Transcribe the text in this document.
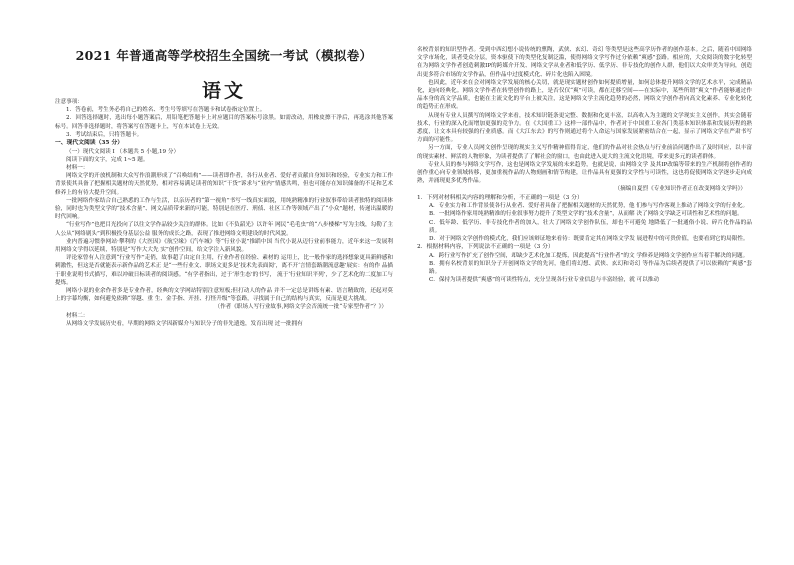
2021 年普通高等学校招生全国统一考试（模拟卷）
语文

注意事项：

1．答卷前，考生务必将自己的姓名、考生号等填写在答题卡和试卷指定位置上。

2．回答选择题时，选出每小题答案后，用铅笔把答题卡上对应题目的答案标号涂黑。如需改动，用橡皮擦干净后，再选涂其他答案标号。回答非选择题时，将答案写在答题卡上，写在本试卷上无效。

3．考试结束后，只将答题卡。

一、现代文阅读（35 分）

（一）现代文阅读 I （本题共 5 小题,19 分）

阅读下面的文字，完成 1~5 题。

材料一：

网络文学的开放机制和大众写作浪潮形成了“召唤结构”——读者即作者，各行从业者、爱好者贡献自身知识和经验，专业实力和工作背景使其具备了把握相关题材的天然优势，相对容易满足读者的知识“干货”诉求与“业内”情感共鸣，但也可能存在知识储备的不足和艺术修养上的有待大提升空间。

一批网络作家结合自己熟悉的工作与生活，以亲历者的“第一视角”书写一线真实面貌，用纯熟精准的行业叙事带给读者独特的阅读体验，同时也为类型文学的“技术含量”、网文品质带来新的可能，特别是在医疗、刑侦、社区工作等领域产出了“小众”题材，传递出温暖的时代回响。

“行业写作”也把目光投向了以往文学作品较少关注的群体。比如《不负韶光》以许年 网民“毛毛虫”的“八步楼梯”写为主线，勾勒了主人公从“网络剧头”到积极投身基层公益 服务的成长之路，表现了推进网络文明建设的时代风貌。

业内普遍习惯拳网站·攀利的《大医因》《航空缘》《汽车城》等“行业小说”推蹈中国 当代小说从迈行业前事能力，近年来这一发展利用网络文学得以延续，特别是“写作大大先 实”创作空间，给文学注入新风貌。

评论家曾有人注意到“行业写作”走俏，故事超了由定自主用，行业作者在经验、素材的 运用上，比一般作家的选择想象更具新鲜感和刺激性，但这是否就能表示新作品的艺术正 是“一些行业文、职场文更多是‘技术先表面阅’，离不开‘言情套路潮流意趣’展实：有的作 品描于职业说明书式描写，难以冲破日标读者的阅读感。“有学者指出，过于‘形生态’的书写， 流于‘行业知识平列’，少了艺术化的二度加工与提炼。

网络小说的业余作者多是专业作者，经典的文学网站特别注意短板;但打动人的作品 并不一定总是讲练有素、语言精致的，还起对莫上的字幕均衡，如何避免依赖“穿越、重 生、金手指、开挂、打怪升级”等套路，寻找属于自己的结构与真实，反而是更大挑战。

（作者《职场人写行业故事,网络文学会否流统一批“专家型作者”？》）

材料二：

从网络文学发展历史看，早期的网络文学因新媒介与知识分子的非先遗逸，发育出现 过一批拥有

名校背景的知识型作者。受到中西幻想小说传统的熏陶，武侠、玄幻、奇幻 等类型是这些高学历作者的创作基本。之后，随着中国网络文学市场化，读者受众分层，资本驱使下的类型化复制泛滥，使得网络文学写作过分依赖“爽感”套路。相应的，大众阅读的数字化转型在为网络文学作者创造刺激IP的跨媒介开发、网络文学从业者和低学历、低学历、非专技化的创作人群，他们以大众审美为导向，创造出更多符合市场的文学作品，但作品中过度模式化、碎片化也陷入困境。

也因此，近年来在会对网络文学发展的核心关切，就是现实题材创作如何提质增量，如何总体提升网络文学的艺术水平，完成精品化，迫向经典化。网络文学作者在转型创作的路上，是否仅仅“爽”可读，都在迁移空间——在实际中，某些所谓“爽文”作者能够通过作品本身的高文学品质，也能在主流文化的平台上被关注，这是网络文学主流化趋势的必然，网络文学创作者向高文化素养、专业化转化的趋势正在形成。

从现有专业人员撰写的网络文学来看，技术知识链条更完整、数据和化更丰富，以高收入为主题的文学现实主义创作，其实会随着技术，行业的深入化而增加更强的竞争力。在《大国重工》这样一部作品中，作者对于中国重工业各门类基本知识体系和发展历程的熟悉度，让文本具有较强的行业质感。而《大江东去》的写作则通过将个人命运与国家发展紧密结合在一起，显示了网络文学在严肃书写方面的可能性。

另一方面，专业人员网文创作呈现的现实主义写作精神值得肯定，他们的作品对社会热点与行业前沿问题作出了及时回应，以丰富的现实素材、鲜活的人物形象，为读者提供了了解社会的窗口，也由此进入更大的主流文化语境，带来更多元的读者群体。

专业人员的参与网络文学写作，这也是网络文学发展的未来趋势，也就是说，由网络文学 及其IP改编等带来的生产机制将创作者的创作重心向专业领域转移，更加重视作品的人物刻画和情节构建，让作品具有更强的文学性与可读性，这也将促使网络文学逐步走向成熟，并涌现更多优秀作品。

（摘编自夏烈《专业知识作者正在改变网络文学吗》）

1．下列对材料相关内容的理解和分析，不正确的一项是（3 分）

A．专业实力和工作背景使各行从业者、爱好者具备了把握相关题材的天然优势，他 们参与写作客观上推动了网络文学的行业化。

B．一批网络作家用纯熟精准的行业叙事努力提升了类型文学的“技术含量”，从而解 决了网络文学缺乏可读性和艺术性的问题。

C．低年龄、低学历、非专技化作者的加入，壮大了网络文学创作队伍，却也不可避免 地降低了一批通俗小说、碎片化作品的品质。

D．对于网络文学创作的模式化，我们应该辩证地来看待：既要肯定其在网络文学发 展进程中的可贵价值，也要看到它的局限性。

2．根据材料内容，下列说法不正确的一项是（3 分）

A．跨行业写作扩充了创作空间，却缺少艺术化加工提炼，因此提高“行业作者”的文 学修养是网络文学创作应当着手解决的问题。

B．拥有名校背景的知识分子开创网络文学的先河，他们将幻想、武侠、玄幻和奇幻 等作品为后续者提供了可以依赖的“爽感”套路。

C．保持为读者提供“爽感”的可读性特点，充分呈现各行业专业信息与丰富经验，就 可以推动
